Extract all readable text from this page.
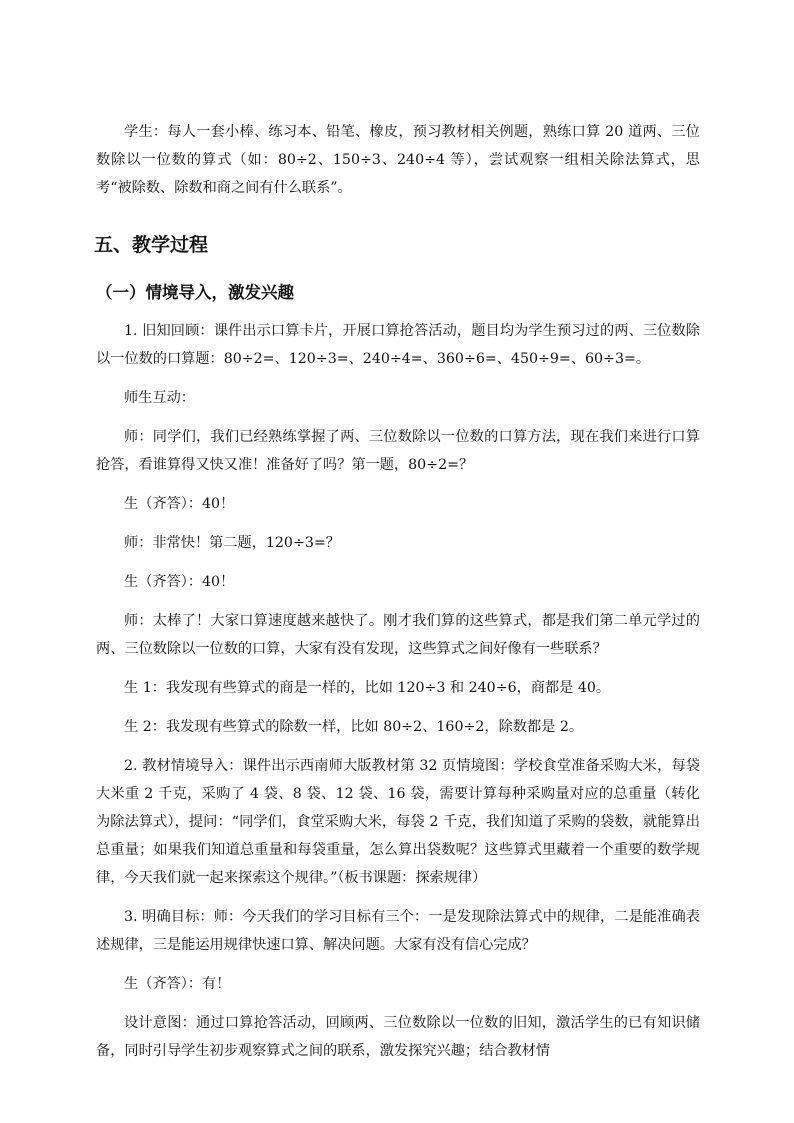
学生：每人一套小棒、练习本、铅笔、橡皮，预习教材相关例题，熟练口算 20 道两、三位数除以一位数的算式（如：80÷2、150÷3、240÷4 等），尝试观察一组相关除法算式，思考“被除数、除数和商之间有什么联系”。

五、教学过程
（一）情境导入，激发兴趣

1. 旧知回顾：课件出示口算卡片，开展口算抢答活动，题目均为学生预习过的两、三位数除以一位数的口算题：80÷2=、120÷3=、240÷4=、360÷6=、450÷9=、60÷3=。

师生互动：

师：同学们，我们已经熟练掌握了两、三位数除以一位数的口算方法，现在我们来进行口算抢答，看谁算得又快又准！准备好了吗？第一题，80÷2=？

生（齐答）：40！

师：非常快！第二题，120÷3=？

生（齐答）：40！

师：太棒了！大家口算速度越来越快了。刚才我们算的这些算式，都是我们第二单元学过的两、三位数除以一位数的口算，大家有没有发现，这些算式之间好像有一些联系？

生 1：我发现有些算式的商是一样的，比如 120÷3 和 240÷6，商都是 40。

生 2：我发现有些算式的除数一样，比如 80÷2、160÷2，除数都是 2。

2. 教材情境导入：课件出示西南师大版教材第 32 页情境图：学校食堂准备采购大米，每袋大米重 2 千克，采购了 4 袋、8 袋、12 袋、16 袋，需要计算每种采购量对应的总重量（转化为除法算式），提问：“同学们，食堂采购大米，每袋 2 千克，我们知道了采购的袋数，就能算出总重量；如果我们知道总重量和每袋重量，怎么算出袋数呢？这些算式里藏着一个重要的数学规律，今天我们就一起来探索这个规律。”（板书课题：探索规律）

3. 明确目标：师：今天我们的学习目标有三个：一是发现除法算式中的规律，二是能准确表述规律，三是能运用规律快速口算、解决问题。大家有没有信心完成？

生（齐答）：有！

设计意图：通过口算抢答活动，回顾两、三位数除以一位数的旧知，激活学生的已有知识储备，同时引导学生初步观察算式之间的联系，激发探究兴趣；结合教材情
